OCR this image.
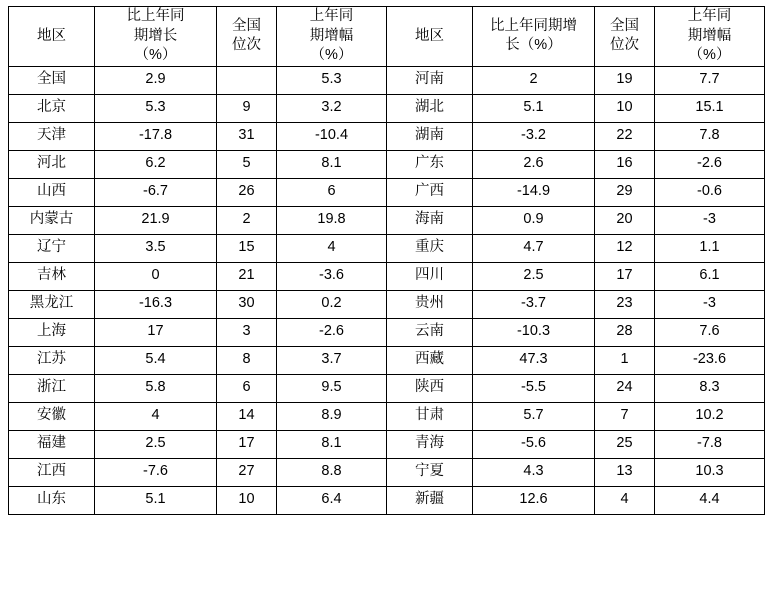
地区	比上年同
期增长
（%）	全国
位次	上年同
期增幅
（%）	地区	比上年同期增
长（%）	全国
位次	上年同
期增幅
（%）

全国	2.9		5.3	河南	2	19	7.7
北京	5.3	9	3.2	湖北	5.1	10	15.1
天津	-17.8	31	-10.4	湖南	-3.2	22	7.8
河北	6.2	5	8.1	广东	2.6	16	-2.6
山西	-6.7	26	6	广西	-14.9	29	-0.6
内蒙古	21.9	2	19.8	海南	0.9	20	-3
辽宁	3.5	15	4	重庆	4.7	12	1.1
吉林	0	21	-3.6	四川	2.5	17	6.1
黑龙江	-16.3	30	0.2	贵州	-3.7	23	-3
上海	17	3	-2.6	云南	-10.3	28	7.6
江苏	5.4	8	3.7	西藏	47.3	1	-23.6
浙江	5.8	6	9.5	陕西	-5.5	24	8.3
安徽	4	14	8.9	甘肃	5.7	7	10.2
福建	2.5	17	8.1	青海	-5.6	25	-7.8
江西	-7.6	27	8.8	宁夏	4.3	13	10.3
山东	5.1	10	6.4	新疆	12.6	4	4.4
